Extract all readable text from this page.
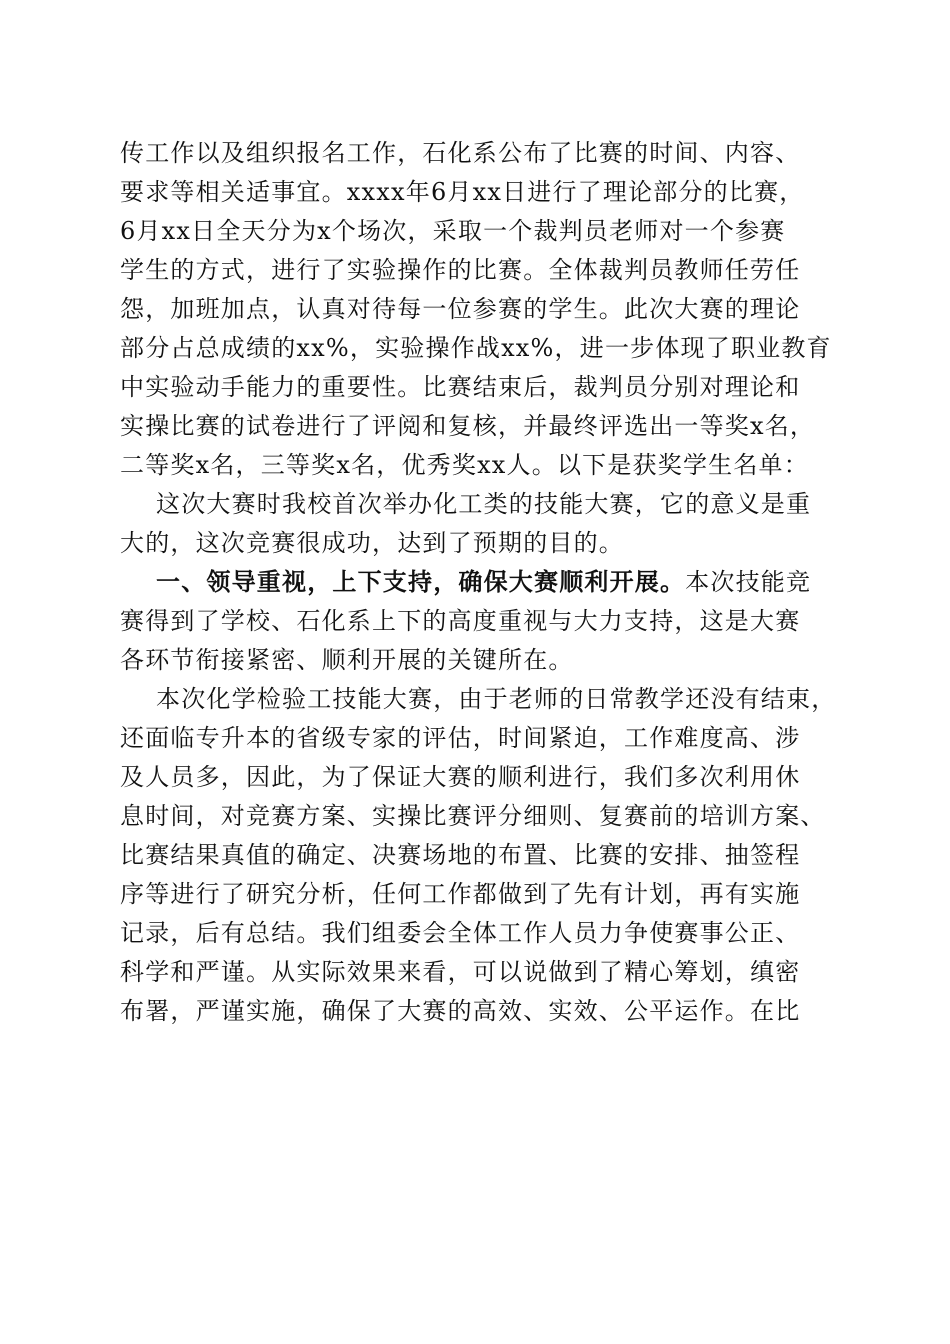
传工作以及组织报名工作，石化系公布了比赛的时间、内容、
要求等相关适事宜。xxxx年6月xx日进行了理论部分的比赛，
6月xx日全天分为x个场次，采取一个裁判员老师对一个参赛
学生的方式，进行了实验操作的比赛。全体裁判员教师任劳任
怨，加班加点，认真对待每一位参赛的学生。此次大赛的理论
部分占总成绩的xx%，实验操作战xx%，进一步体现了职业教育
中实验动手能力的重要性。比赛结束后，裁判员分别对理论和
实操比赛的试卷进行了评阅和复核，并最终评选出一等奖x名，
二等奖x名，三等奖x名，优秀奖xx人。以下是获奖学生名单：
这次大赛时我校首次举办化工类的技能大赛，它的意义是重
大的，这次竞赛很成功，达到了预期的目的。
一、领导重视，上下支持，确保大赛顺利开展。本次技能竞
赛得到了学校、石化系上下的高度重视与大力支持，这是大赛
各环节衔接紧密、顺利开展的关键所在。
本次化学检验工技能大赛，由于老师的日常教学还没有结束，
还面临专升本的省级专家的评估，时间紧迫，工作难度高、涉
及人员多，因此，为了保证大赛的顺利进行，我们多次利用休
息时间，对竞赛方案、实操比赛评分细则、复赛前的培训方案、
比赛结果真值的确定、决赛场地的布置、比赛的安排、抽签程
序等进行了研究分析，任何工作都做到了先有计划，再有实施
记录，后有总结。我们组委会全体工作人员力争使赛事公正、
科学和严谨。从实际效果来看，可以说做到了精心筹划，缜密
布署，严谨实施，确保了大赛的高效、实效、公平运作。在比
